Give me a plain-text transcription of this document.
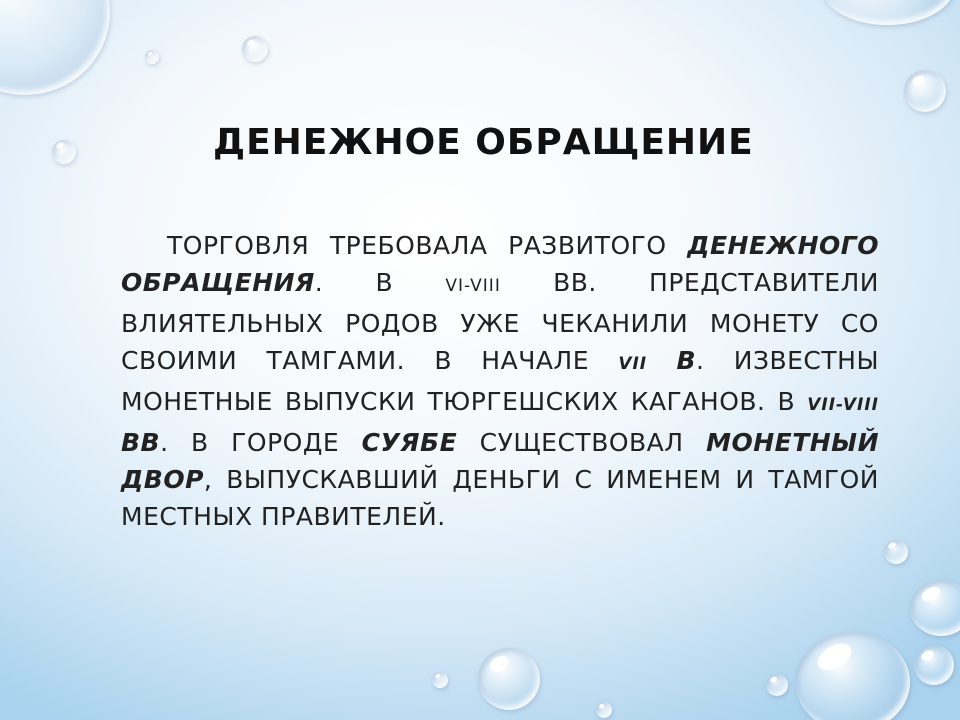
ДЕНЕЖНОЕ ОБРАЩЕНИЕ

ТОРГОВЛЯ ТРЕБОВАЛА РАЗВИТОГО ДЕНЕЖНОГО ОБРАЩЕНИЯ. В VI-VIII ВВ. ПРЕДСТАВИТЕЛИ ВЛИЯТЕЛЬНЫХ РОДОВ УЖЕ ЧЕКАНИЛИ МОНЕТУ СО СВОИМИ ТАМГАМИ. В НАЧАЛЕ VII В. ИЗВЕСТНЫ МОНЕТНЫЕ ВЫПУСКИ ТЮРГЕШСКИХ КАГАНОВ. В VII-VIII ВВ. В ГОРОДЕ СУЯБЕ СУЩЕСТВОВАЛ МОНЕТНЫЙ ДВОР, ВЫПУСКАВШИЙ ДЕНЬГИ С ИМЕНЕМ И ТАМГОЙ МЕСТНЫХ ПРАВИТЕЛЕЙ.
